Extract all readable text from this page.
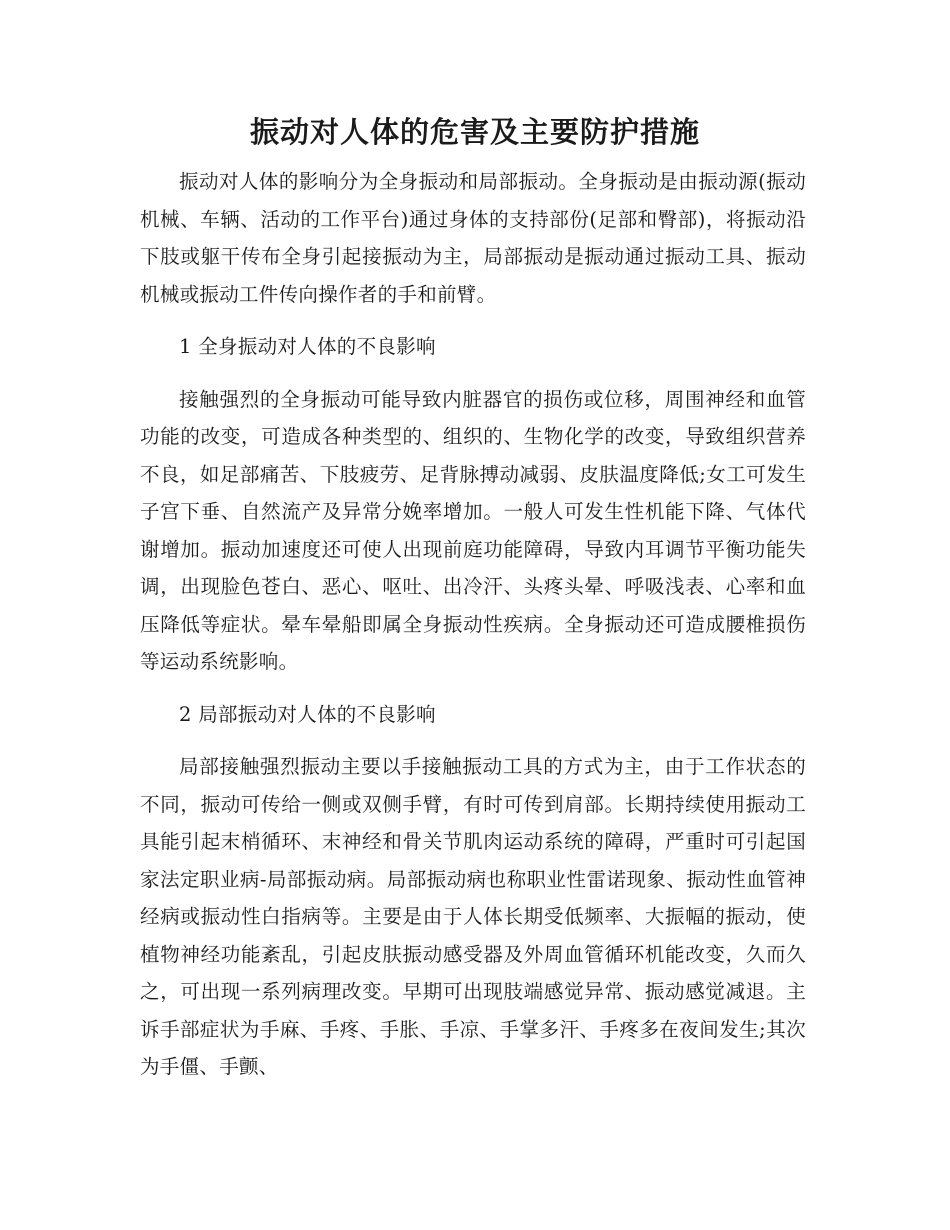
振动对人体的危害及主要防护措施

振动对人体的影响分为全身振动和局部振动。全身振动是由振动源(振动机械、车辆、活动的工作平台)通过身体的支持部份(足部和臀部)，将振动沿下肢或躯干传布全身引起接振动为主，局部振动是振动通过振动工具、振动机械或振动工件传向操作者的手和前臂。

1 全身振动对人体的不良影响

接触强烈的全身振动可能导致内脏器官的损伤或位移，周围神经和血管功能的改变，可造成各种类型的、组织的、生物化学的改变，导致组织营养不良，如足部痛苦、下肢疲劳、足背脉搏动减弱、皮肤温度降低;女工可发生子宫下垂、自然流产及异常分娩率增加。一般人可发生性机能下降、气体代谢增加。振动加速度还可使人出现前庭功能障碍，导致内耳调节平衡功能失调，出现脸色苍白、恶心、呕吐、出冷汗、头疼头晕、呼吸浅表、心率和血压降低等症状。晕车晕船即属全身振动性疾病。全身振动还可造成腰椎损伤等运动系统影响。

2 局部振动对人体的不良影响

局部接触强烈振动主要以手接触振动工具的方式为主，由于工作状态的不同，振动可传给一侧或双侧手臂，有时可传到肩部。长期持续使用振动工具能引起末梢循环、末神经和骨关节肌肉运动系统的障碍，严重时可引起国家法定职业病-局部振动病。局部振动病也称职业性雷诺现象、振动性血管神经病或振动性白指病等。主要是由于人体长期受低频率、大振幅的振动，使植物神经功能紊乱，引起皮肤振动感受器及外周血管循环机能改变，久而久之，可出现一系列病理改变。早期可出现肢端感觉异常、振动感觉减退。主诉手部症状为手麻、手疼、手胀、手凉、手掌多汗、手疼多在夜间发生;其次为手僵、手颤、
